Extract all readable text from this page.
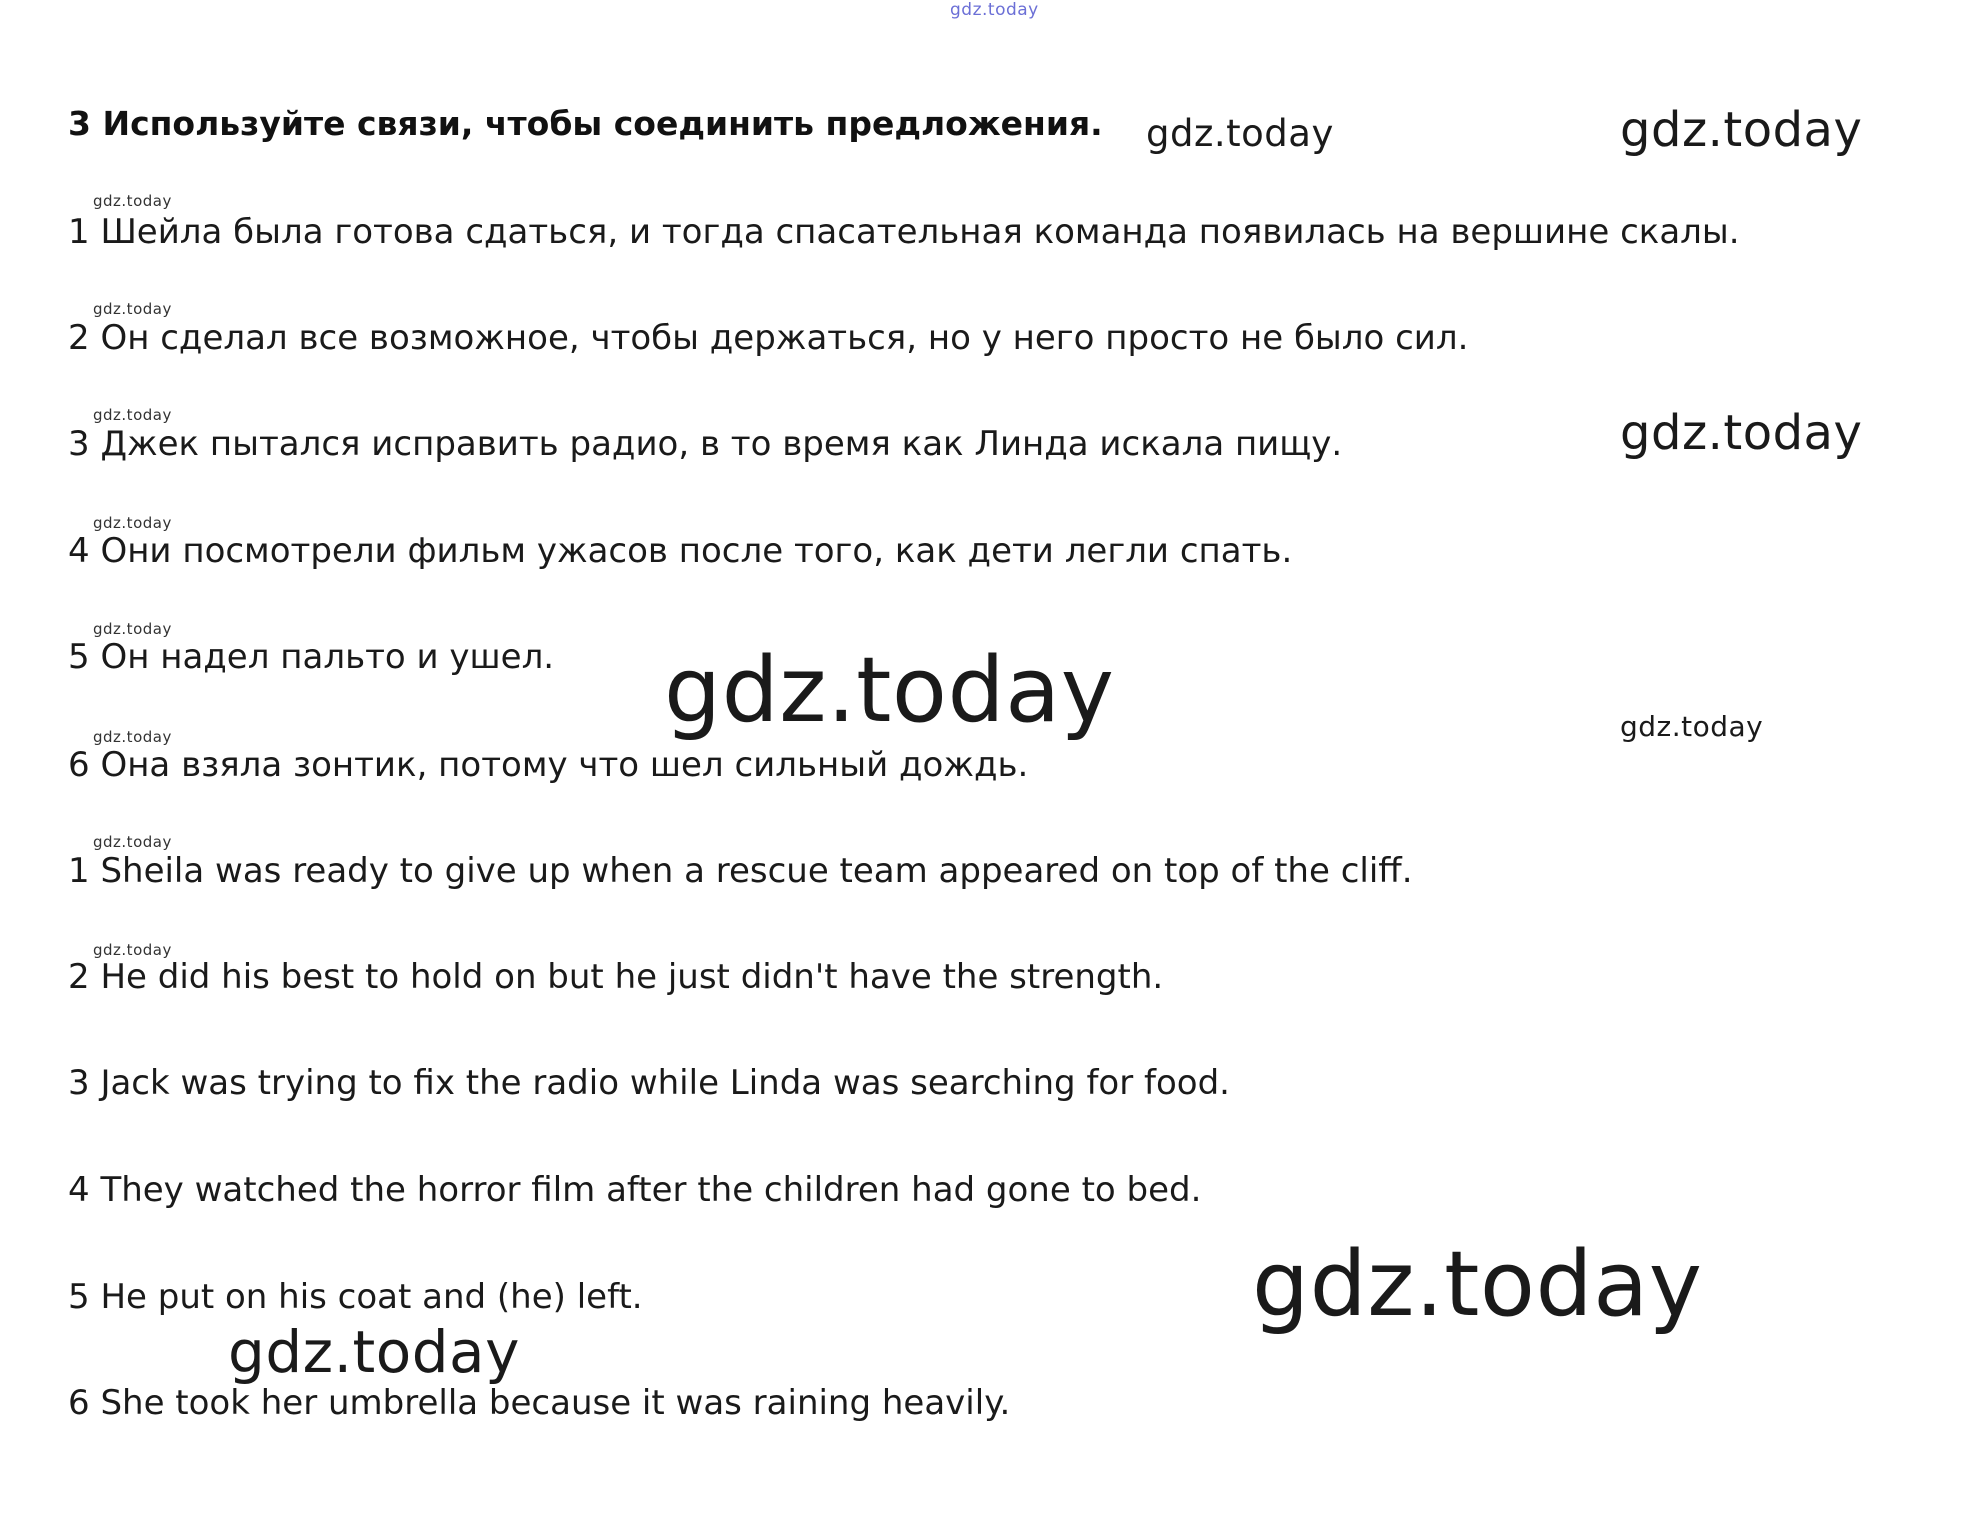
gdz.today
3 Используйте связи, чтобы соединить предложения. gdz.today	gdz.today
gdz.today
1 Шейла была готова сдаться, и тогда спасательная команда появилась на вершине скалы.
gdz.today
2 Он сделал все возможное, чтобы держаться, но у него просто не было сил.
gdz.today
3 Джек пытался исправить радио, в то время как Линда искала пищу.	gdz.today
gdz.today
4 Они посмотрели фильм ужасов после того, как дети легли спать.
gdz.today
5 Он надел пальто и ушел. gdz.today	gdz.today
gdz.today
6 Она взяла зонтик, потому что шел сильный дождь.
gdz.today
1 Sheila was ready to give up when a rescue team appeared on top of the cliff.
gdz.today
2 He did his best to hold on but he just didn't have the strength.
3 Jack was trying to fix the radio while Linda was searching for food.
4 They watched the horror film after the children had gone to bed.
5 He put on his coat and (he) left.	gdz.today
gdz.today
6 She took her umbrella because it was raining heavily.
